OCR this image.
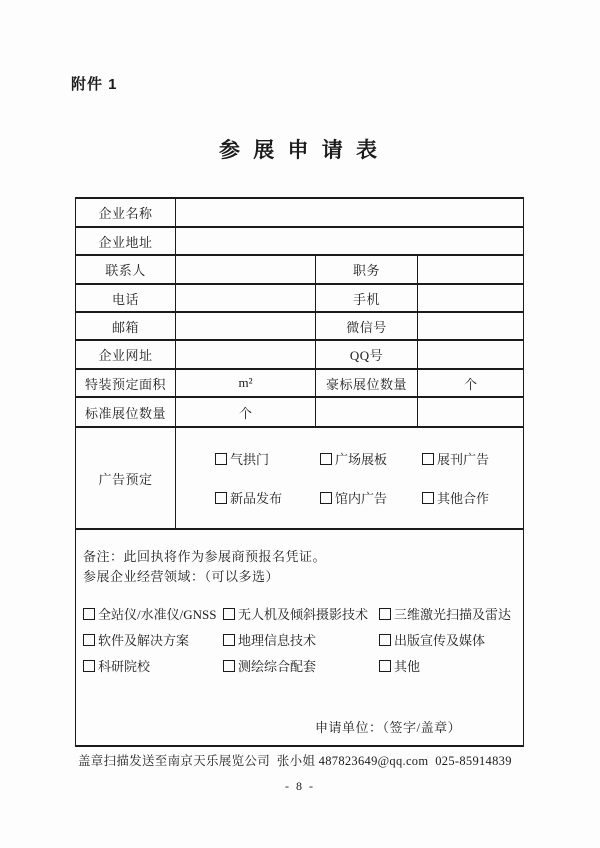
附件 1
参 展 申 请 表
企业名称			
企业地址			
联系人		职务	
电话		手机	
邮箱		微信号	
企业网址		QQ号	
特装预定面积	m²	豪标展位数量	个
标准展位数量	个		
广告预定	
气拱门	广场展板	展刊广告
新品发布	馆内广告	其他合作

备注：此回执将作为参展商预报名凭证。
参展企业经营领域：（可以多选）
全站仪/水准仪/GNSS	无人机及倾斜摄影技术	三维激光扫描及雷达
软件及解决方案	地理信息技术	出版宣传及媒体
科研院校	测绘综合配套	其他
申请单位：（签字/盖章）
盖章扫描发送至南京天乐展览公司  张小姐 487823649@qq.com  025-85914839
- 8 -
